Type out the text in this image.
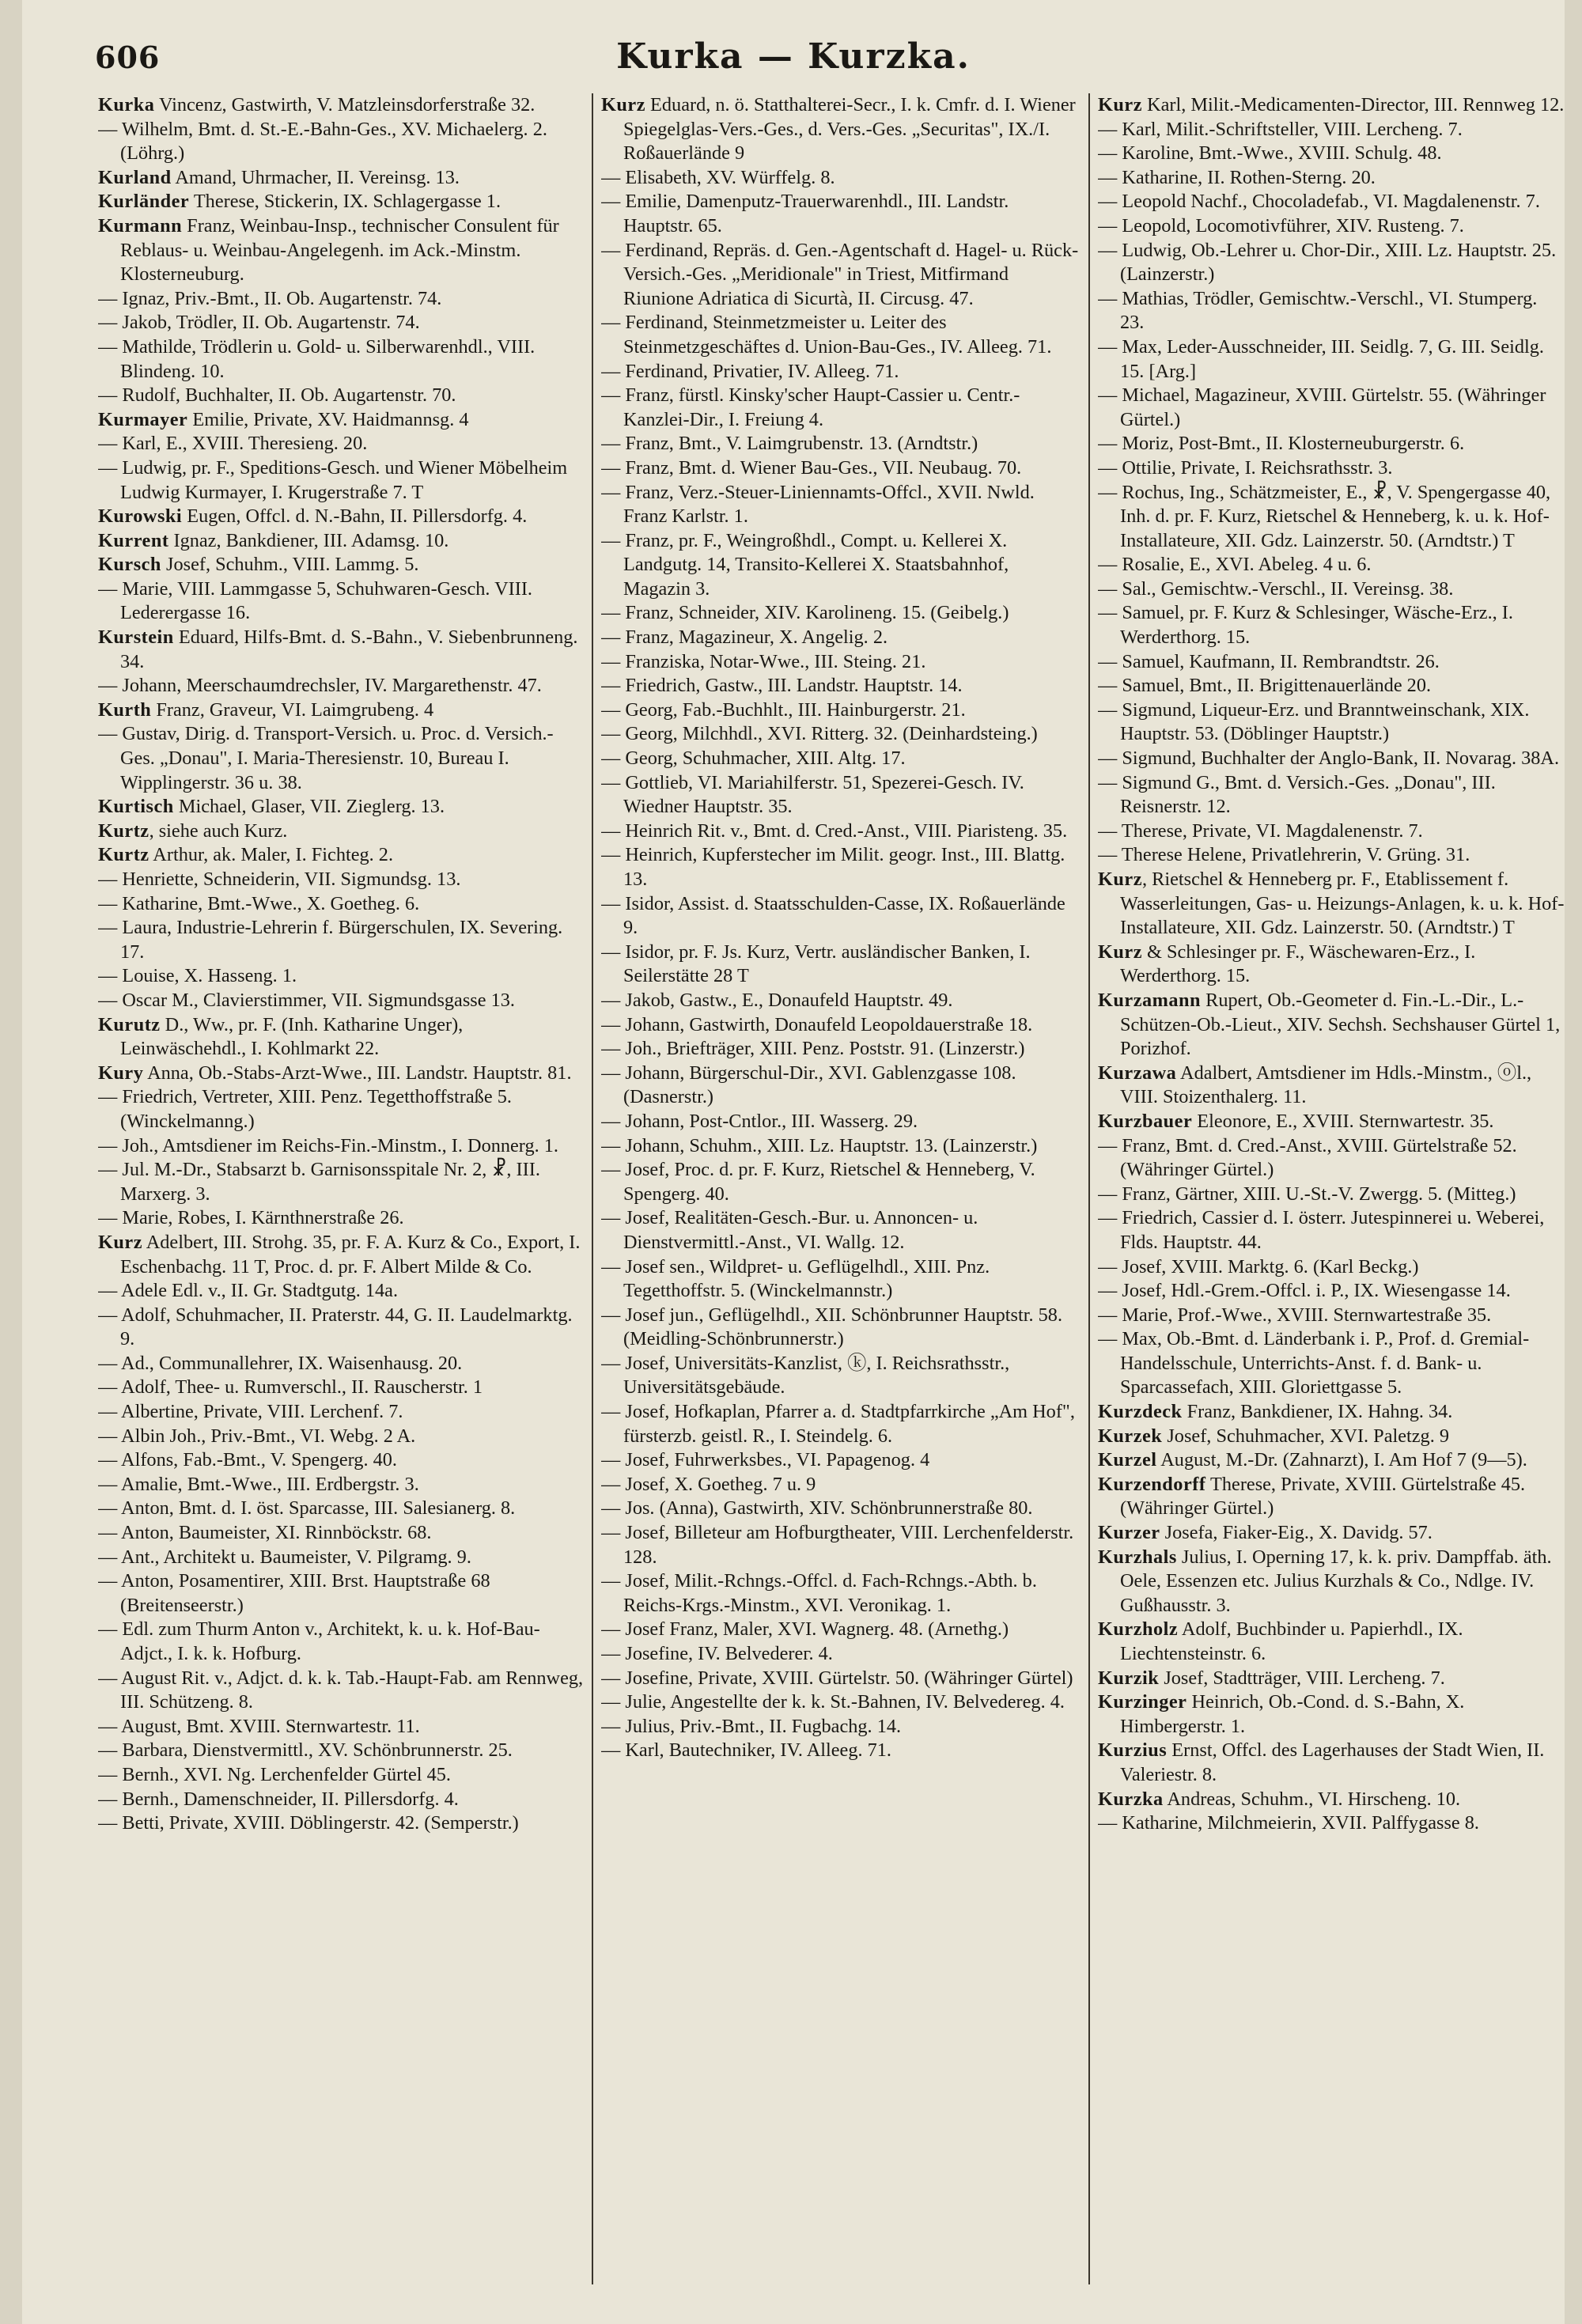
606	Kurka — Kurzka.

Kurka Vincenz, Gastwirth, V. Matzleinsdorferstraße 32.

— Wilhelm, Bmt. d. St.-E.-Bahn-Ges., XV. Michaelerg. 2. (Löhrg.)

Kurland Amand, Uhrmacher, II. Vereinsg. 13.

Kurländer Therese, Stickerin, IX. Schlagergasse 1.

Kurmann Franz, Weinbau-Insp., technischer Consulent für Reblaus- u. Weinbau-Angelegenh. im Ack.-Minstm. Klosterneuburg.

— Ignaz, Priv.-Bmt., II. Ob. Augartenstr. 74.

— Jakob, Trödler, II. Ob. Augartenstr. 74.

— Mathilde, Trödlerin u. Gold- u. Silberwarenhdl., VIII. Blindeng. 10.

— Rudolf, Buchhalter, II. Ob. Augartenstr. 70.

Kurmayer Emilie, Private, XV. Haidmannsg. 4

— Karl, E., XVIII. Theresieng. 20.

— Ludwig, pr. F., Speditions-Gesch. und Wiener Möbelheim Ludwig Kurmayer, I. Krugerstraße 7. T

Kurowski Eugen, Offcl. d. N.-Bahn, II. Pillersdorfg. 4.

Kurrent Ignaz, Bankdiener, III. Adamsg. 10.

Kursch Josef, Schuhm., VIII. Lammg. 5.

— Marie, VIII. Lammgasse 5, Schuhwaren-Gesch. VIII. Lederergasse 16.

Kurstein Eduard, Hilfs-Bmt. d. S.-Bahn., V. Siebenbrunneng. 34.

— Johann, Meerschaumdrechsler, IV. Margarethenstr. 47.

Kurth Franz, Graveur, VI. Laimgrubeng. 4

— Gustav, Dirig. d. Transport-Versich. u. Proc. d. Versich.-Ges. „Donau", I. Maria-Theresienstr. 10, Bureau I. Wipplingerstr. 36 u. 38.

Kurtisch Michael, Glaser, VII. Zieglerg. 13.

Kurtz, siehe auch Kurz.

Kurtz Arthur, ak. Maler, I. Fichteg. 2.

— Henriette, Schneiderin, VII. Sigmundsg. 13.

— Katharine, Bmt.-Wwe., X. Goetheg. 6.

— Laura, Industrie-Lehrerin f. Bürgerschulen, IX. Severing. 17.

— Louise, X. Hasseng. 1.

— Oscar M., Clavierstimmer, VII. Sigmundsgasse 13.

Kurutz D., Ww., pr. F. (Inh. Katharine Unger), Leinwäschehdl., I. Kohlmarkt 22.

Kury Anna, Ob.-Stabs-Arzt-Wwe., III. Landstr. Hauptstr. 81.

— Friedrich, Vertreter, XIII. Penz. Tegetthoffstraße 5. (Winckelmanng.)

— Joh., Amtsdiener im Reichs-Fin.-Minstm., I. Donnerg. 1.

— Jul. M.-Dr., Stabsarzt b. Garnisonsspitale Nr. 2, ☧, III. Marxerg. 3.

— Marie, Robes, I. Kärnthnerstraße 26.

Kurz Adelbert, III. Strohg. 35, pr. F. A. Kurz & Co., Export, I. Eschenbachg. 11 T, Proc. d. pr. F. Albert Milde & Co.

— Adele Edl. v., II. Gr. Stadtgutg. 14a.

— Adolf, Schuhmacher, II. Praterstr. 44, G. II. Laudelmarktg. 9.

— Ad., Communallehrer, IX. Waisenhausg. 20.

— Adolf, Thee- u. Rumverschl., II. Rauscherstr. 1

— Albertine, Private, VIII. Lerchenf. 7.

— Albin Joh., Priv.-Bmt., VI. Webg. 2 A.

— Alfons, Fab.-Bmt., V. Spengerg. 40.

— Amalie, Bmt.-Wwe., III. Erdbergstr. 3.

— Anton, Bmt. d. I. öst. Sparcasse, III. Salesianerg. 8.

— Anton, Baumeister, XI. Rinnböckstr. 68.

— Ant., Architekt u. Baumeister, V. Pilgramg. 9.

— Anton, Posamentirer, XIII. Brst. Hauptstraße 68 (Breitenseerstr.)

— Edl. zum Thurm Anton v., Architekt, k. u. k. Hof-Bau-Adjct., I. k. k. Hofburg.

— August Rit. v., Adjct. d. k. k. Tab.-Haupt-Fab. am Rennweg, III. Schützeng. 8.

— August, Bmt. XVIII. Sternwartestr. 11.

— Barbara, Dienstvermittl., XV. Schönbrunnerstr. 25.

— Bernh., XVI. Ng. Lerchenfelder Gürtel 45.

— Bernh., Damenschneider, II. Pillersdorfg. 4.

— Betti, Private, XVIII. Döblingerstr. 42. (Semperstr.)

Kurz Eduard, n. ö. Statthalterei-Secr., I. k. Cmfr. d. I. Wiener Spiegelglas-Vers.-Ges., d. Vers.-Ges. „Securitas", IX./I. Roßauerlände 9

— Elisabeth, XV. Würffelg. 8.

— Emilie, Damenputz-Trauerwarenhdl., III. Landstr. Hauptstr. 65.

— Ferdinand, Repräs. d. Gen.-Agentschaft d. Hagel- u. Rück-Versich.-Ges. „Meridionale" in Triest, Mitfirmand Riunione Adriatica di Sicurtà, II. Circusg. 47.

— Ferdinand, Steinmetzmeister u. Leiter des Steinmetzgeschäftes d. Union-Bau-Ges., IV. Alleeg. 71.

— Ferdinand, Privatier, IV. Alleeg. 71.

— Franz, fürstl. Kinsky'scher Haupt-Cassier u. Centr.-Kanzlei-Dir., I. Freiung 4.

— Franz, Bmt., V. Laimgrubenstr. 13. (Arndtstr.)

— Franz, Bmt. d. Wiener Bau-Ges., VII. Neubaug. 70.

— Franz, Verz.-Steuer-Liniennamts-Offcl., XVII. Nwld. Franz Karlstr. 1.

— Franz, pr. F., Weingroßhdl., Compt. u. Kellerei X. Landgutg. 14, Transito-Kellerei X. Staatsbahnhof, Magazin 3.

— Franz, Schneider, XIV. Karolineng. 15. (Geibelg.)

— Franz, Magazineur, X. Angelig. 2.

— Franziska, Notar-Wwe., III. Steing. 21.

— Friedrich, Gastw., III. Landstr. Hauptstr. 14.

— Georg, Fab.-Buchhlt., III. Hainburgerstr. 21.

— Georg, Milchhdl., XVI. Ritterg. 32. (Deinhardsteing.)

— Georg, Schuhmacher, XIII. Altg. 17.

— Gottlieb, VI. Mariahilferstr. 51, Spezerei-Gesch. IV. Wiedner Hauptstr. 35.

— Heinrich Rit. v., Bmt. d. Cred.-Anst., VIII. Piaristeng. 35.

— Heinrich, Kupferstecher im Milit. geogr. Inst., III. Blattg. 13.

— Isidor, Assist. d. Staatsschulden-Casse, IX. Roßauerlände 9.

— Isidor, pr. F. Js. Kurz, Vertr. ausländischer Banken, I. Seilerstätte 28 T

— Jakob, Gastw., E., Donaufeld Hauptstr. 49.

— Johann, Gastwirth, Donaufeld Leopoldauerstraße 18.

— Joh., Briefträger, XIII. Penz. Poststr. 91. (Linzerstr.)

— Johann, Bürgerschul-Dir., XVI. Gablenzgasse 108. (Dasnerstr.)

— Johann, Post-Cntlor., III. Wasserg. 29.

— Johann, Schuhm., XIII. Lz. Hauptstr. 13. (Lainzerstr.)

— Josef, Proc. d. pr. F. Kurz, Rietschel & Henneberg, V. Spengerg. 40.

— Josef, Realitäten-Gesch.-Bur. u. Annoncen- u. Dienstvermittl.-Anst., VI. Wallg. 12.

— Josef sen., Wildpret- u. Geflügelhdl., XIII. Pnz. Tegetthoffstr. 5. (Winckelmannstr.)

— Josef jun., Geflügelhdl., XII. Schönbrunner Hauptstr. 58. (Meidling-Schönbrunnerstr.)

— Josef, Universitäts-Kanzlist, ⓚ, I. Reichsrathsstr., Universitätsgebäude.

— Josef, Hofkaplan, Pfarrer a. d. Stadtpfarrkirche „Am Hof", fürsterzb. geistl. R., I. Steindelg. 6.

— Josef, Fuhrwerksbes., VI. Papagenog. 4

— Josef, X. Goetheg. 7 u. 9

— Jos. (Anna), Gastwirth, XIV. Schönbrunnerstraße 80.

— Josef, Billeteur am Hofburgtheater, VIII. Lerchenfelderstr. 128.

— Josef, Milit.-Rchngs.-Offcl. d. Fach-Rchngs.-Abth. b. Reichs-Krgs.-Minstm., XVI. Veronikag. 1.

— Josef Franz, Maler, XVI. Wagnerg. 48. (Arnethg.)

— Josefine, IV. Belvederег. 4.

— Josefine, Private, XVIII. Gürtelstr. 50. (Währinger Gürtel)

— Julie, Angestellte der k. k. St.-Bahnen, IV. Belvedereg. 4.

— Julius, Priv.-Bmt., II. Fugbachg. 14.

— Karl, Bautechniker, IV. Alleeg. 71.

Kurz Karl, Milit.-Medicamenten-Director, III. Rennweg 12.

— Karl, Milit.-Schriftsteller, VIII. Lercheng. 7.

— Karoline, Bmt.-Wwe., XVIII. Schulg. 48.

— Katharine, II. Rothen-Sterng. 20.

— Leopold Nachf., Chocoladefab., VI. Magdalenenstr. 7.

— Leopold, Locomotivführer, XIV. Rusteng. 7.

— Ludwig, Ob.-Lehrer u. Chor-Dir., XIII. Lz. Hauptstr. 25. (Lainzerstr.)

— Mathias, Trödler, Gemischtw.-Verschl., VI. Stumperg. 23.

— Max, Leder-Ausschneider, III. Seidlg. 7, G. III. Seidlg. 15. [Arg.]

— Michael, Magazineur, XVIII. Gürtelstr. 55. (Währinger Gürtel.)

— Moriz, Post-Bmt., II. Klosterneuburgerstr. 6.

— Ottilie, Private, I. Reichsrathsstr. 3.

— Rochus, Ing., Schätzmeister, E., ☧, V. Spengergasse 40, Inh. d. pr. F. Kurz, Rietschel & Henneberg, k. u. k. Hof-Installateure, XII. Gdz. Lainzerstr. 50. (Arndtstr.) T

— Rosalie, E., XVI. Abeleg. 4 u. 6.

— Sal., Gemischtw.-Verschl., II. Vereinsg. 38.

— Samuel, pr. F. Kurz & Schlesinger, Wäsche-Erz., I. Werderthorg. 15.

— Samuel, Kaufmann, II. Rembrandtstr. 26.

— Samuel, Bmt., II. Brigittenauerlände 20.

— Sigmund, Liqueur-Erz. und Branntweinschank, XIX. Hauptstr. 53. (Döblinger Hauptstr.)

— Sigmund, Buchhalter der Anglo-Bank, II. Novarag. 38A.

— Sigmund G., Bmt. d. Versich.-Ges. „Donau", III. Reisnerstr. 12.

— Therese, Private, VI. Magdalenenstr. 7.

— Therese Helene, Privatlehrerin, V. Grüng. 31.

Kurz, Rietschel & Henneberg pr. F., Etablissement f. Wasserleitungen, Gas- u. Heizungs-Anlagen, k. u. k. Hof-Installateure, XII. Gdz. Lainzerstr. 50. (Arndtstr.) T

Kurz & Schlesinger pr. F., Wäschewaren-Erz., I. Werderthorg. 15.

Kurzamann Rupert, Ob.-Geometer d. Fin.-L.-Dir., L.-Schützen-Ob.-Lieut., XIV. Sechsh. Sechshauser Gürtel 1, Porizhof.

Kurzawa Adalbert, Amtsdiener im Hdls.-Minstm., ⓞl., VIII. Stoizenthalerg. 11.

Kurzbauer Eleonore, E., XVIII. Sternwartestr. 35.

— Franz, Bmt. d. Cred.-Anst., XVIII. Gürtelstraße 52. (Währinger Gürtel.)

— Franz, Gärtner, XIII. U.-St.-V. Zwergg. 5. (Mitteg.)

— Friedrich, Cassier d. I. österr. Jutespinnerei u. Weberei, Flds. Hauptstr. 44.

— Josef, XVIII. Marktg. 6. (Karl Beckg.)

— Josef, Hdl.-Grem.-Offcl. i. P., IX. Wiesengasse 14.

— Marie, Prof.-Wwe., XVIII. Sternwartestraße 35.

— Max, Ob.-Bmt. d. Länderbank i. P., Prof. d. Gremial-Handelsschule, Unterrichts-Anst. f. d. Bank- u. Sparcassefach, XIII. Gloriettgasse 5.

Kurzdeck Franz, Bankdiener, IX. Hahng. 34.

Kurzek Josef, Schuhmacher, XVI. Paletzg. 9

Kurzel August, M.-Dr. (Zahnarzt), I. Am Hof 7 (9—5).

Kurzendorff Therese, Private, XVIII. Gürtelstraße 45. (Währinger Gürtel.)

Kurzer Josefa, Fiaker-Eig., X. Davidg. 57.

Kurzhals Julius, I. Operning 17, k. k. priv. Dampffab. äth. Oele, Essenzen etc. Julius Kurzhals & Co., Ndlge. IV. Gußhausstr. 3.

Kurzholz Adolf, Buchbinder u. Papierhdl., IX. Liechtensteinstr. 6.

Kurzik Josef, Stadtträger, VIII. Lercheng. 7.

Kurzinger Heinrich, Ob.-Cond. d. S.-Bahn, X. Himbergerstr. 1.

Kurzius Ernst, Offcl. des Lagerhauses der Stadt Wien, II. Valeriestr. 8.

Kurzka Andreas, Schuhm., VI. Hirscheng. 10.

— Katharine, Milchmeierin, XVII. Palffygasse 8.
